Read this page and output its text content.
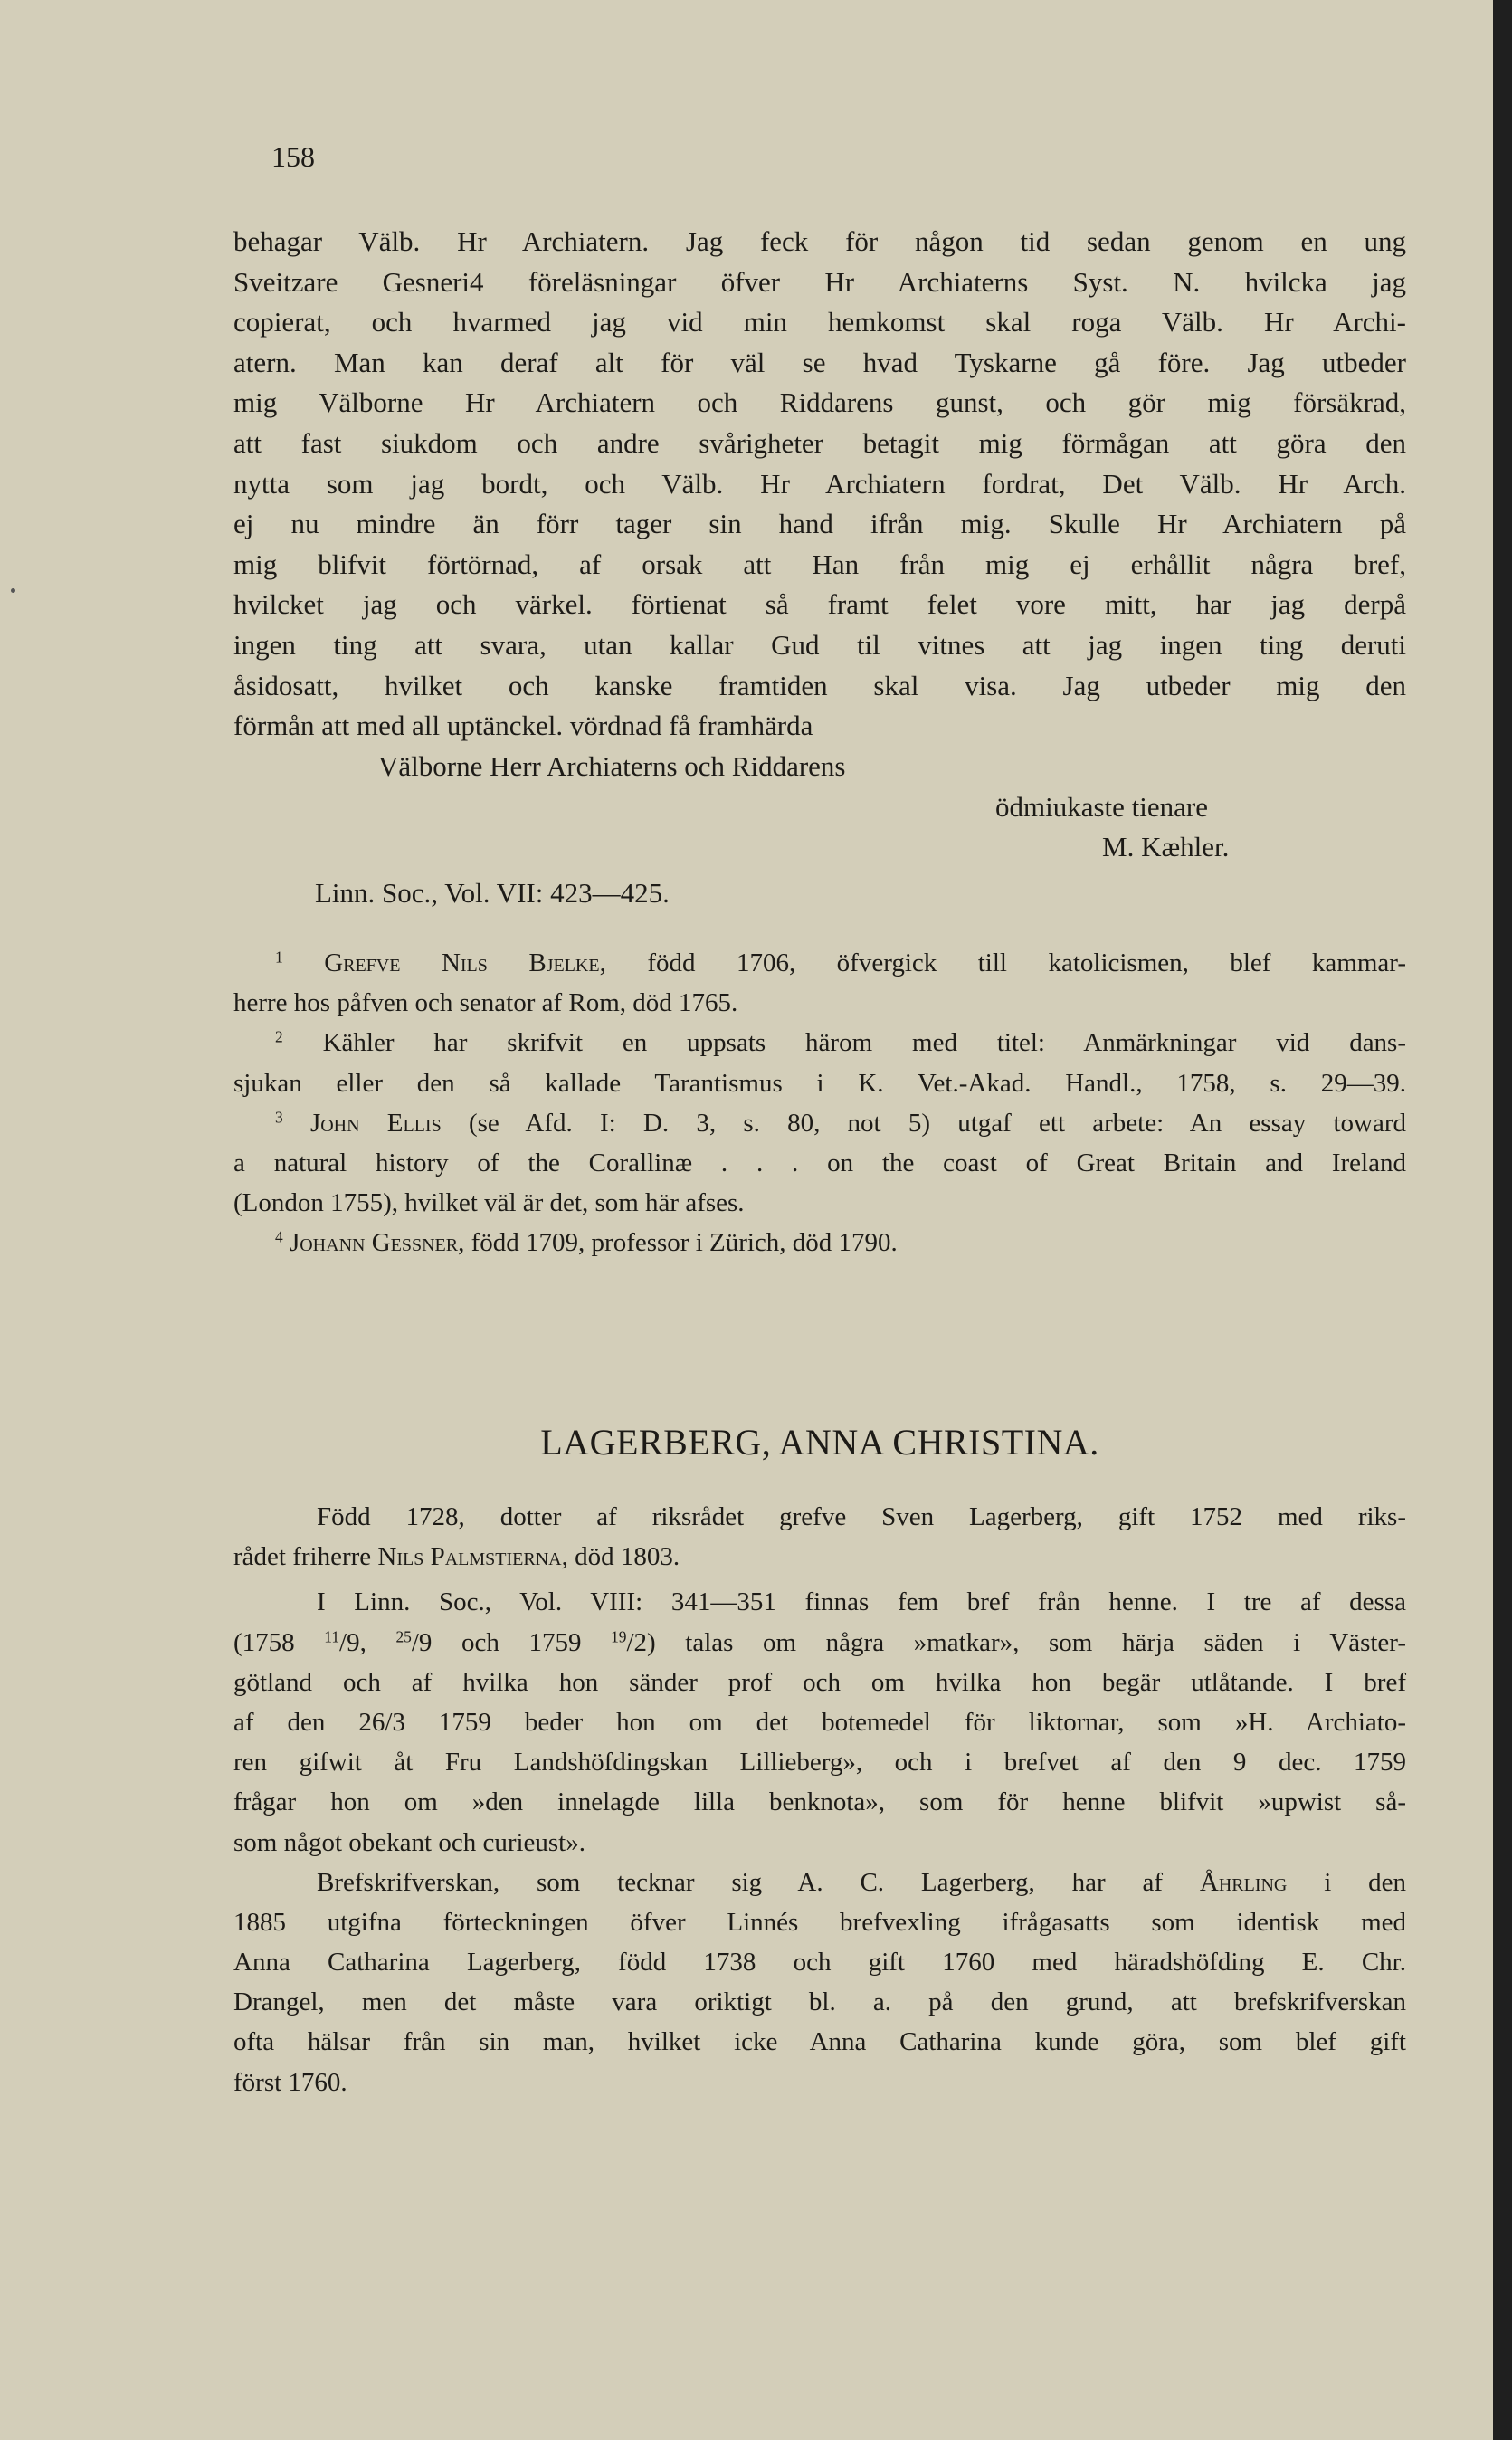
158
behagar Välb. Hr Archiatern. Jag feck för någon tid sedan genom en ung
Sveitzare Gesneri4 föreläsningar öfver Hr Archiaterns Syst. N. hvilcka jag
copierat, och hvarmed jag vid min hemkomst skal roga Välb. Hr Archi-
atern. Man kan deraf alt för väl se hvad Tyskarne gå före. Jag utbeder
mig Välborne Hr Archiatern och Riddarens gunst, och gör mig försäkrad,
att fast siukdom och andre svårigheter betagit mig förmågan att göra den
nytta som jag bordt, och Välb. Hr Archiatern fordrat, Det Välb. Hr Arch.
ej nu mindre än förr tager sin hand ifrån mig. Skulle Hr Archiatern på
mig blifvit förtörnad, af orsak att Han från mig ej erhållit några bref,
hvilcket jag och värkel. förtienat så framt felet vore mitt, har jag derpå
ingen ting att svara, utan kallar Gud til vitnes att jag ingen ting deruti
åsidosatt, hvilket och kanske framtiden skal visa. Jag utbeder mig den
förmån att med all uptänckel. vördnad få framhärda
Välborne Herr Archiaterns och Riddarens
ödmiukaste tienare
M. Kæhler.
Linn. Soc., Vol. VII: 423—425.
$^1$ Grefve Nils Bjelke, född 1706, öfvergick till katolicismen, blef kammar-
herre hos påfven och senator af Rom, död 1765.
$^2$ Kähler har skrifvit en uppsats härom med titel: Anmärkningar vid dans-
sjukan eller den så kallade Tarantismus i K. Vet.-Akad. Handl., 1758, s. 29—39.
$^3$ John Ellis (se Afd. I: D. 3, s. 80, not 5) utgaf ett arbete: An essay toward
a natural history of the Corallinæ . . . on the coast of Great Britain and Ireland
(London 1755), hvilket väl är det, som här afses.
$^4$ Johann Gessner, född 1709, professor i Zürich, död 1790.
LAGERBERG, ANNA CHRISTINA.
Född 1728, dotter af riksrådet grefve Sven Lagerberg, gift 1752 med riks-
rådet friherre Nils Palmstierna, död 1803.
I Linn. Soc., Vol. VIII: 341—351 finnas fem bref från henne. I tre af dessa
(1758 $^{11}$/9, $^{25}$/9 och 1759 $^{19}$/2) talas om några »matkar», som härja säden i Väster-
götland och af hvilka hon sänder prof och om hvilka hon begär utlåtande. I bref
af den 26/3 1759 beder hon om det botemedel för liktornar, som »H. Archiato-
ren gifwit åt Fru Landshöfdingskan Lillieberg», och i brefvet af den 9 dec. 1759
frågar hon om »den innelagde lilla benknota», som för henne blifvit »upwist så-
som något obekant och curieust».
Brefskrifverskan, som tecknar sig A. C. Lagerberg, har af Åhrling i den
1885 utgifna förteckningen öfver Linnés brefvexling ifrågasatts som identisk med
Anna Catharina Lagerberg, född 1738 och gift 1760 med häradshöfding E. Chr.
Drangel, men det måste vara oriktigt bl. a. på den grund, att brefskrifverskan
ofta hälsar från sin man, hvilket icke Anna Catharina kunde göra, som blef gift
först 1760.
